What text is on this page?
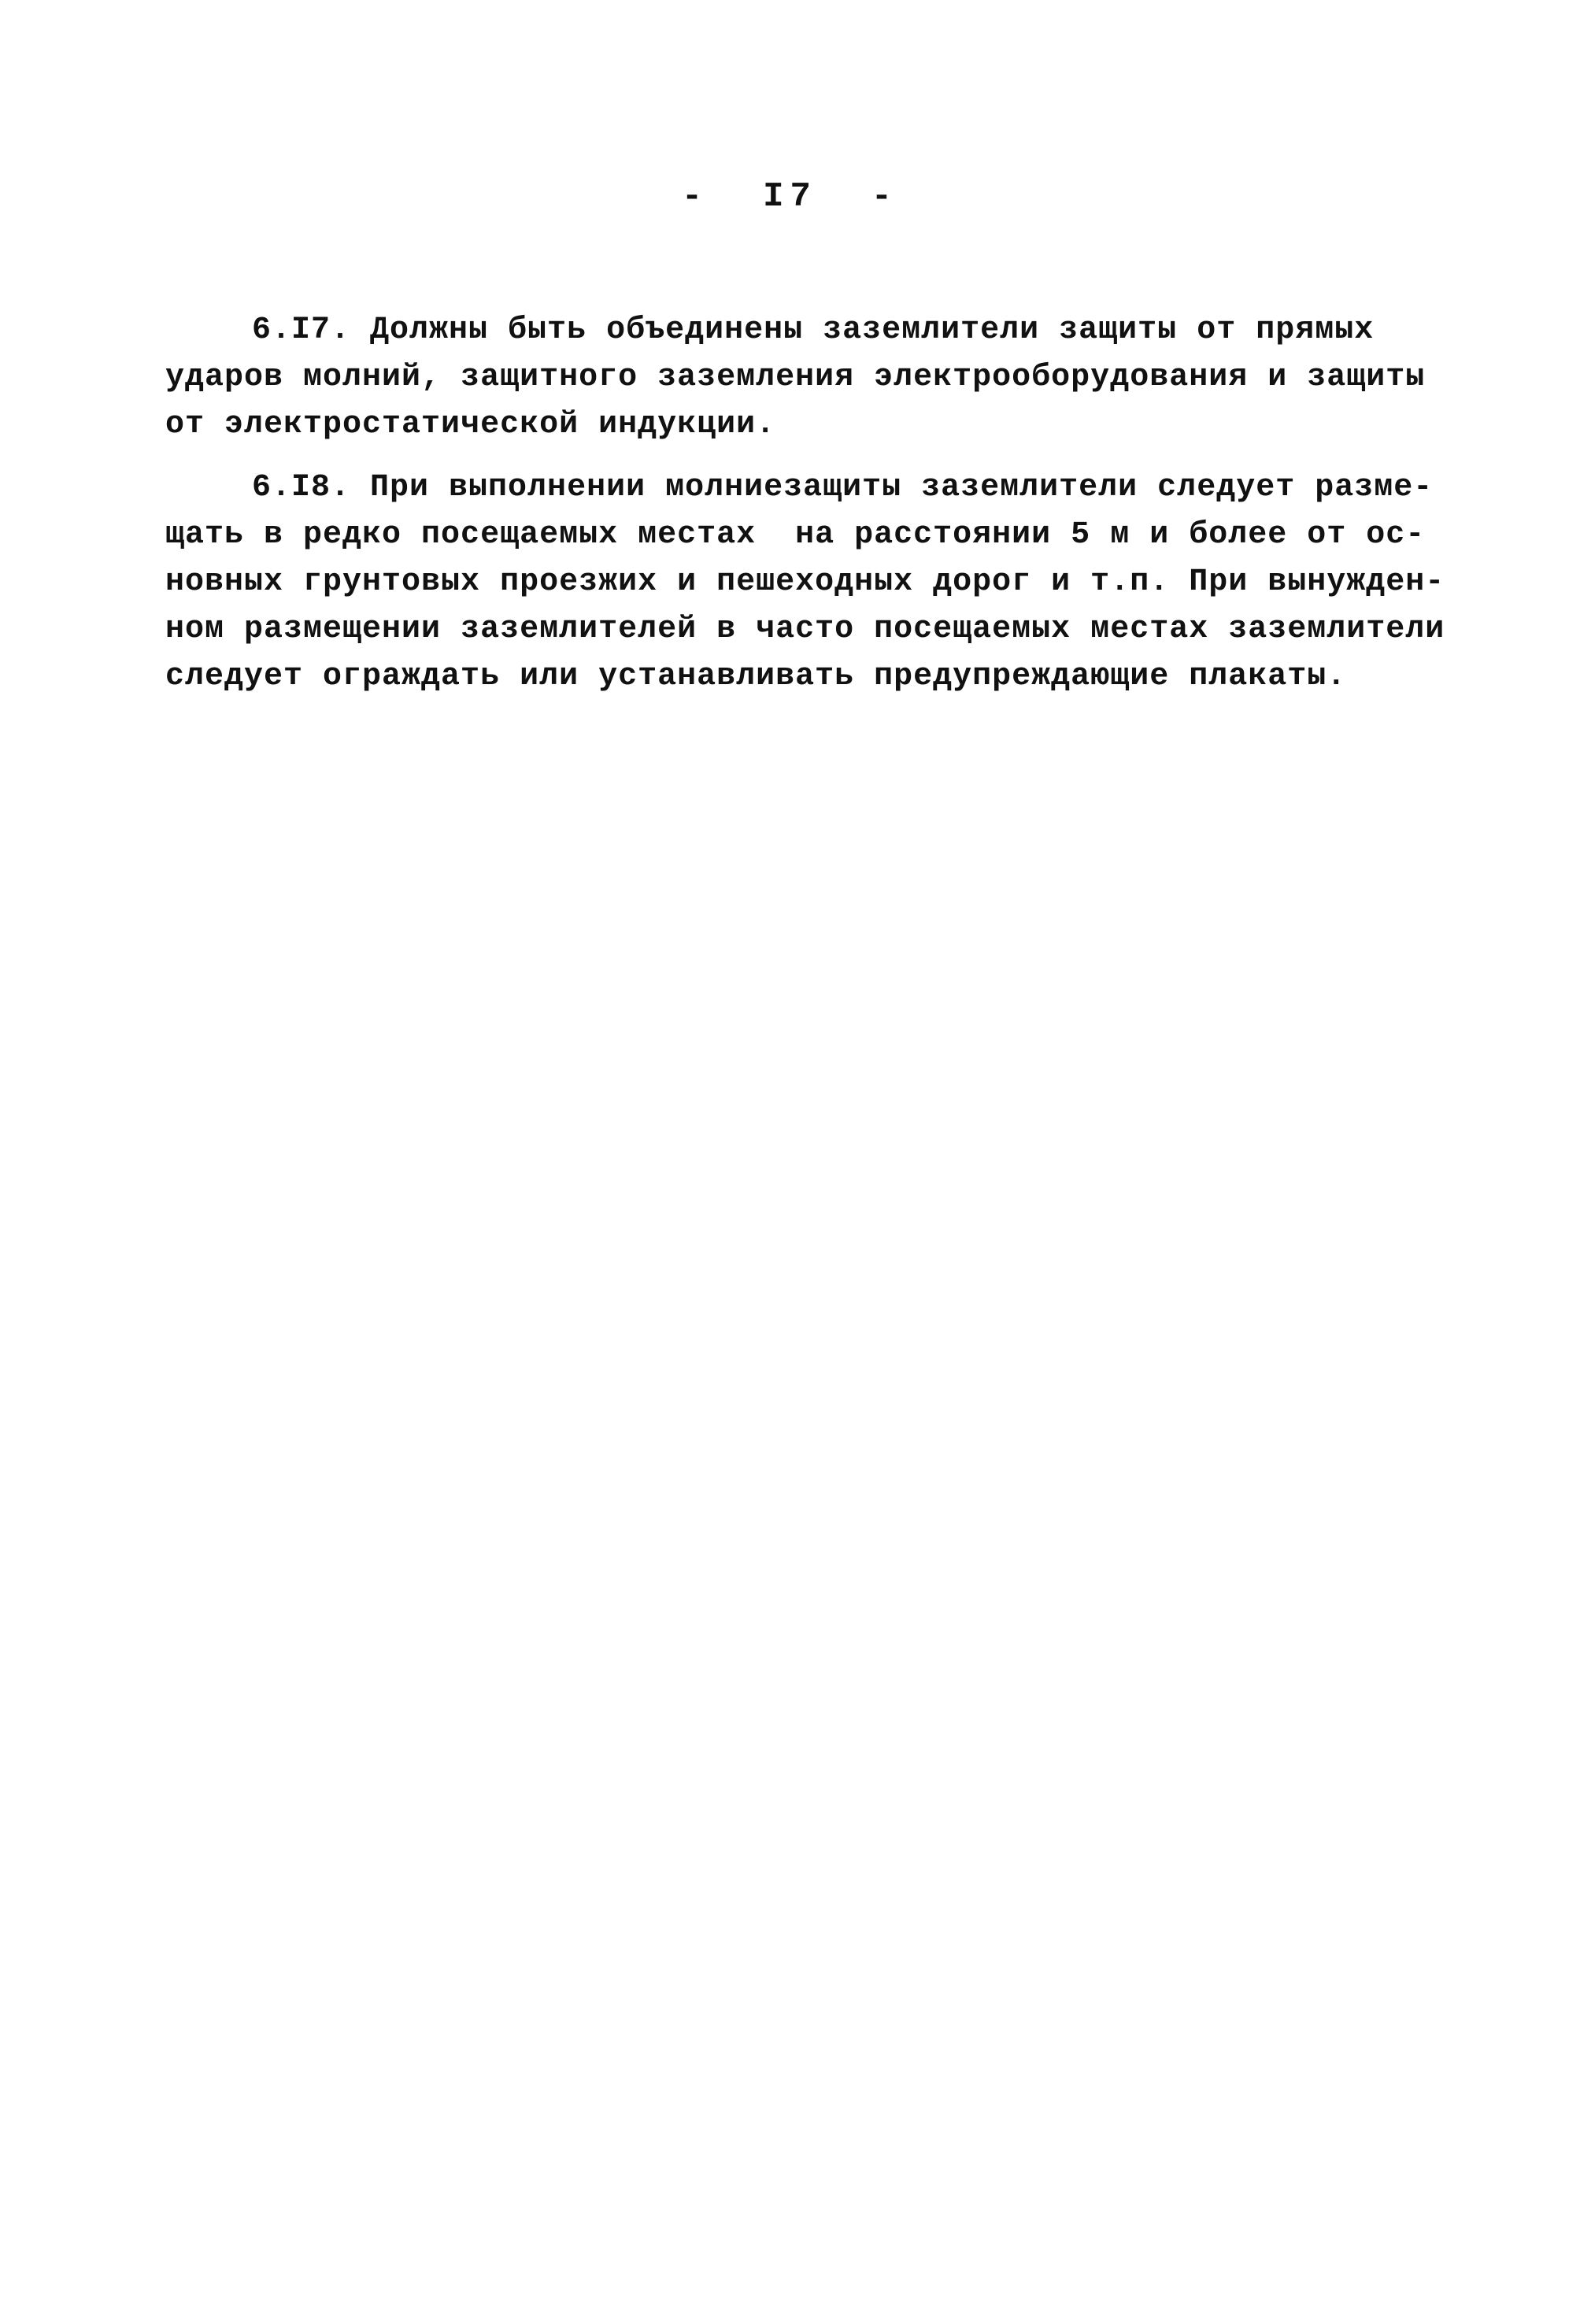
-  I7  -
6.I7. Должны быть объединены заземлители защиты от прямых
ударов молний, защитного заземления электрооборудования и защиты
от электростатической индукции.
6.I8. При выполнении молниезащиты заземлители следует разме-
щать в редко посещаемых местах  на расстоянии 5 м и более от ос-
новных грунтовых проезжих и пешеходных дорог и т.п. При вынужден-
ном размещении заземлителей в часто посещаемых местах заземлители
следует ограждать или устанавливать предупреждающие плакаты.
